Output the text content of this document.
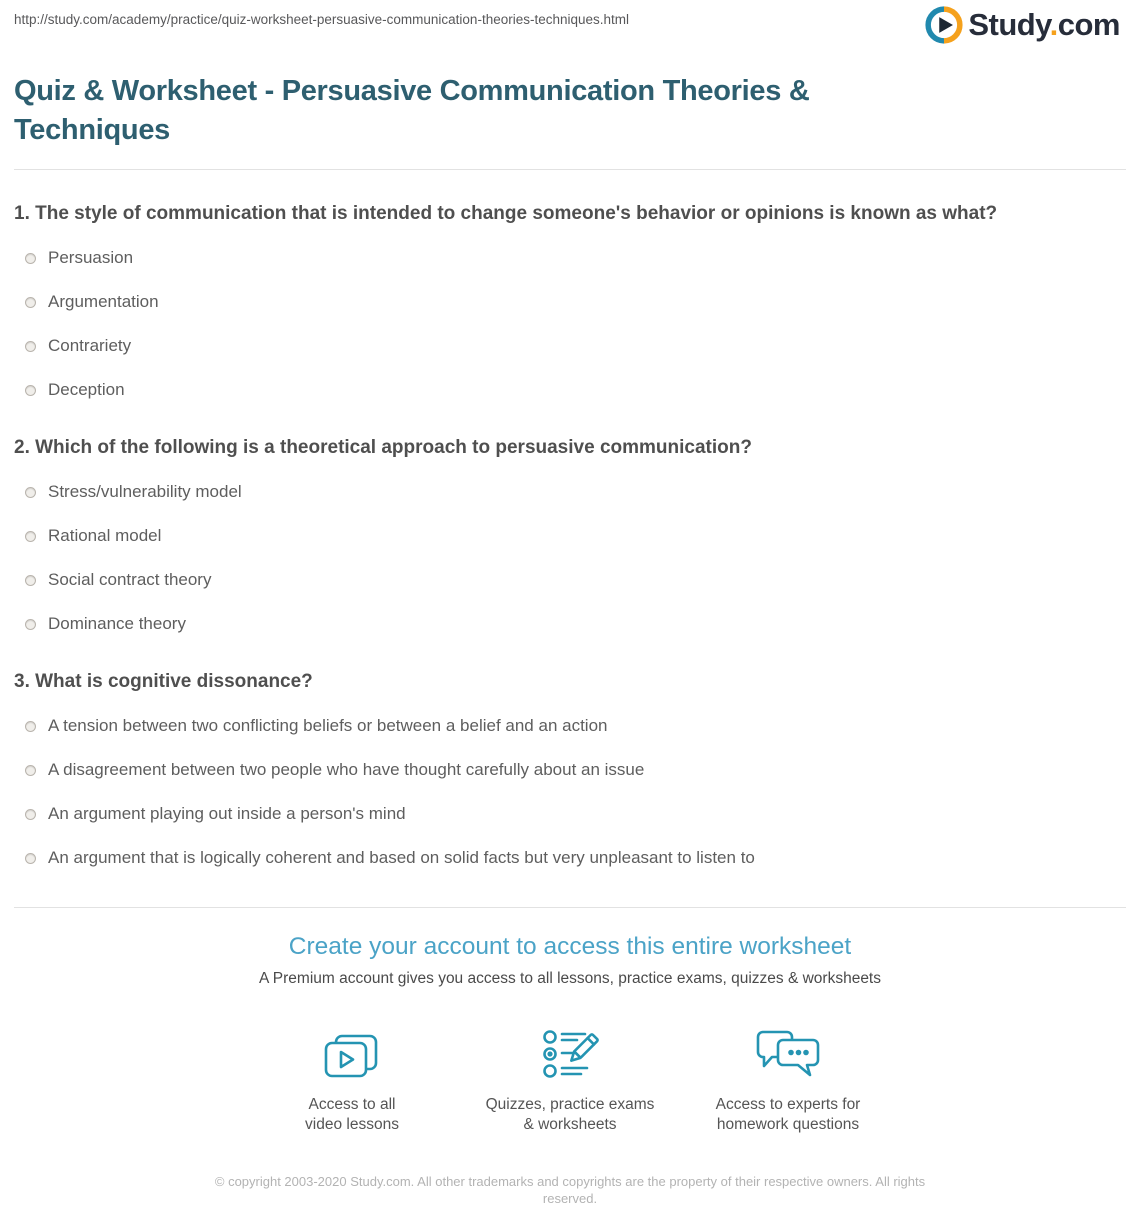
http://study.com/academy/practice/quiz-worksheet-persuasive-communication-theories-techniques.html	Study.com
Quiz & Worksheet - Persuasive Communication Theories & Techniques
1. The style of communication that is intended to change someone's behavior or opinions is known as what?
Persuasion
Argumentation
Contrariety
Deception
2. Which of the following is a theoretical approach to persuasive communication?
Stress/vulnerability model
Rational model
Social contract theory
Dominance theory
3. What is cognitive dissonance?
A tension between two conflicting beliefs or between a belief and an action
A disagreement between two people who have thought carefully about an issue
An argument playing out inside a person's mind
An argument that is logically coherent and based on solid facts but very unpleasant to listen to
Create your account to access this entire worksheet
A Premium account gives you access to all lessons, practice exams, quizzes & worksheets
Access to all
video lessons
Quizzes, practice exams
& worksheets
Access to experts for
homework questions
© copyright 2003-2020 Study.com. All other trademarks and copyrights are the property of their respective owners. All rights reserved.
